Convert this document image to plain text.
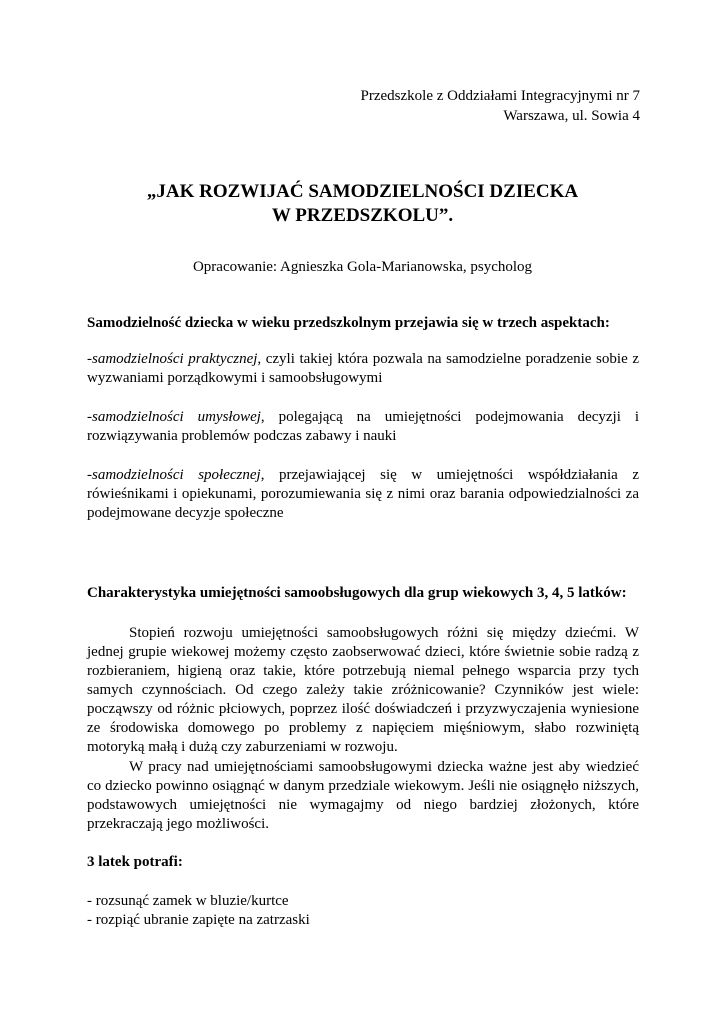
Przedszkole z Oddziałami Integracyjnymi nr 7
Warszawa, ul. Sowia 4
„JAK ROZWIJAĆ SAMODZIELNOŚCI DZIECKA
W PRZEDSZKOLU”.
Opracowanie: Agnieszka Gola-Marianowska, psycholog
Samodzielność dziecka w wieku przedszkolnym przejawia się w trzech aspektach:
-samodzielności praktycznej, czyli takiej która pozwala na samodzielne poradzenie sobie z wyzwaniami porządkowymi i samoobsługowymi
-samodzielności umysłowej, polegającą na umiejętności podejmowania decyzji i rozwiązywania problemów podczas zabawy i nauki
-samodzielności społecznej, przejawiającej się w umiejętności współdziałania z rówieśnikami i opiekunami, porozumiewania się z nimi oraz barania odpowiedzialności za podejmowane decyzje społeczne
Charakterystyka umiejętności samoobsługowych dla grup wiekowych 3, 4, 5 latków:
Stopień rozwoju umiejętności samoobsługowych różni się między dziećmi. W jednej grupie wiekowej możemy często zaobserwować dzieci, które świetnie sobie radzą z rozbieraniem, higieną oraz takie, które potrzebują niemal pełnego wsparcia przy tych samych czynnościach. Od czego zależy takie zróżnicowanie? Czynników jest wiele: począwszy od różnic płciowych, poprzez ilość doświadczeń i przyzwyczajenia wyniesione ze środowiska domowego po problemy z napięciem mięśniowym, słabo rozwiniętą motoryką małą i dużą czy zaburzeniami w rozwoju.
W pracy nad umiejętnościami samoobsługowymi dziecka ważne jest aby wiedzieć co dziecko powinno osiągnąć w danym przedziale wiekowym. Jeśli nie osiągnęło niższych, podstawowych umiejętności nie wymagajmy od niego bardziej złożonych, które przekraczają jego możliwości.
3 latek potrafi:

- rozsunąć zamek w bluzie/kurtce

- rozpiąć ubranie zapięte na zatrzaski
